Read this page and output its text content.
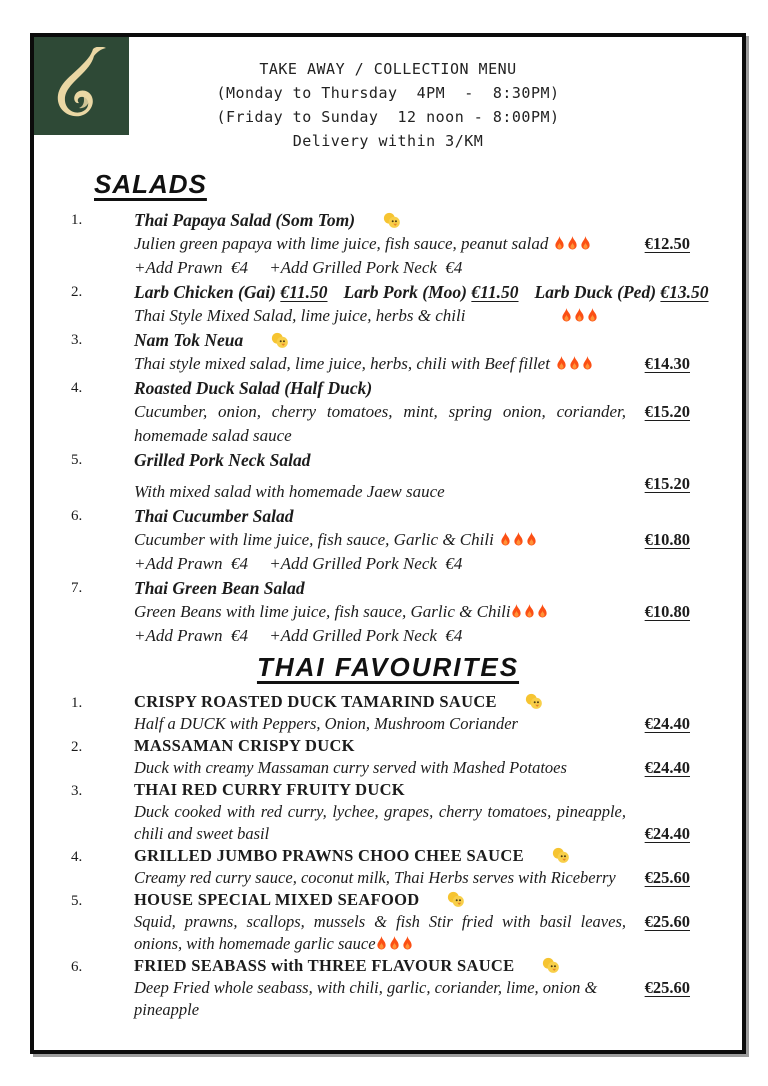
TAKE AWAY / COLLECTION MENU
(Monday to Thursday  4PM  -  8:30PM)
(Friday to Sunday  12 noon - 8:00PM)
Delivery within 3/KM
SALADS
1.	Thai Papaya Salad (Som Tom)
Julien green papaya with lime juice, fish sauce, peanut salad
+Add Prawn  €4     +Add Grilled Pork Neck  €4
€12.50
2.	Larb Chicken (Gai) €11.50 Larb Pork (Moo) €11.50 Larb Duck (Ped) €13.50
Thai Style Mixed Salad, lime juice, herbs & chili
3.	Nam Tok Neua
Thai style mixed salad, lime juice, herbs, chili with Beef fillet	€14.30
4.	Roasted Duck Salad (Half Duck)
Cucumber, onion, cherry tomatoes, mint, spring onion, coriander, homemade salad sauce
€15.20
5.	Grilled Pork Neck Salad
With mixed salad with homemade Jaew sauce	€15.20
6.	Thai Cucumber Salad
Cucumber with lime juice, fish sauce, Garlic & Chili
+Add Prawn  €4     +Add Grilled Pork Neck  €4
€10.80
7.	Thai Green Bean Salad
Green Beans with lime juice, fish sauce, Garlic & Chili
+Add Prawn  €4     +Add Grilled Pork Neck  €4
€10.80
THAI FAVOURITES
1.	CRISPY ROASTED DUCK TAMARIND SAUCE
Half a DUCK with Peppers, Onion, Mushroom Coriander	€24.40
2.	MASSAMAN CRISPY DUCK
Duck with creamy Massaman curry served with Mashed Potatoes	€24.40
3.	THAI RED CURRY FRUITY DUCK
Duck cooked with red curry, lychee, grapes, cherry tomatoes, pineapple, chili and sweet basil	€24.40
4.	GRILLED JUMBO PRAWNS CHOO CHEE SAUCE
Creamy red curry sauce, coconut milk, Thai Herbs serves with Riceberry	€25.60
5.	HOUSE SPECIAL MIXED SEAFOOD
Squid, prawns, scallops, mussels & fish Stir fried with basil leaves, onions, with homemade garlic sauce
€25.60
6.	FRIED SEABASS with THREE FLAVOUR SAUCE
Deep Fried whole seabass, with chili, garlic, coriander, lime, onion & pineapple
€25.60
